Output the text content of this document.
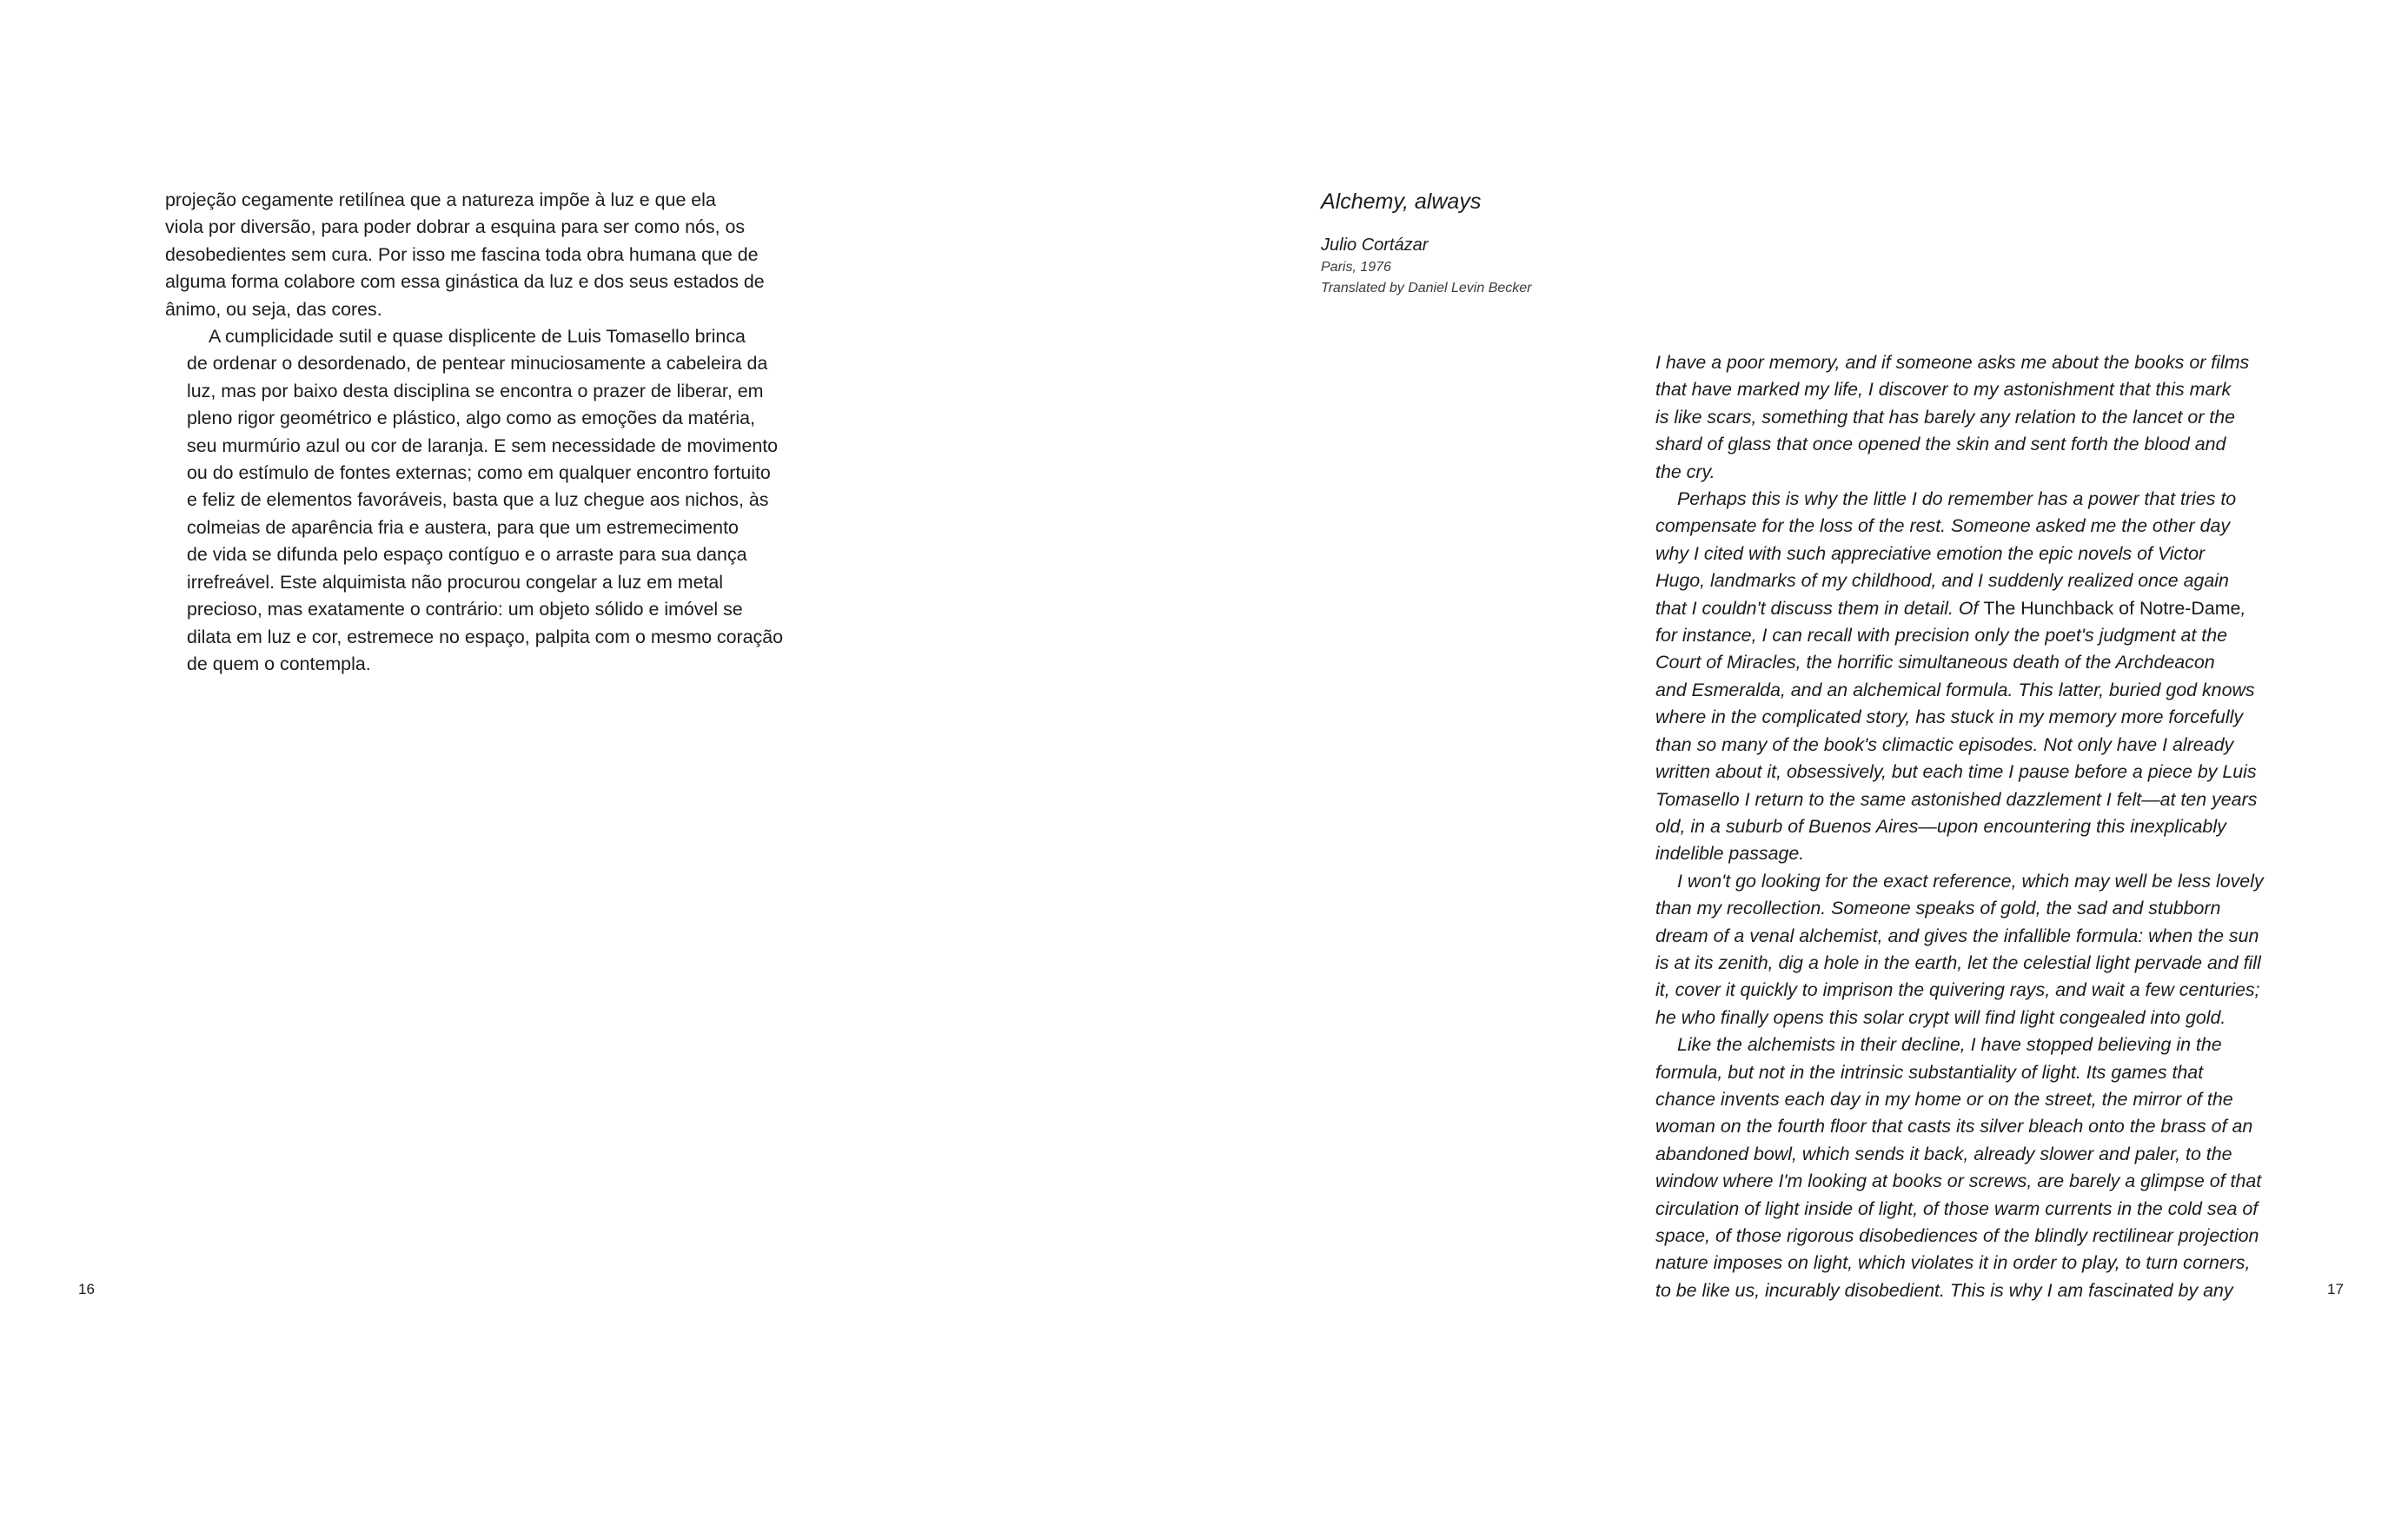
projeção cegamente retilínea que a natureza impõe à luz e que ela
viola por diversão, para poder dobrar a esquina para ser como nós, os
desobedientes sem cura. Por isso me fascina toda obra humana que de
alguma forma colabore com essa ginástica da luz e dos seus estados de
ânimo, ou seja, das cores.

A cumplicidade sutil e quase displicente de Luis Tomasello brinca
de ordenar o desordenado, de pentear minuciosamente a cabeleira da
luz, mas por baixo desta disciplina se encontra o prazer de liberar, em
pleno rigor geométrico e plástico, algo como as emoções da matéria,
seu murmúrio azul ou cor de laranja. E sem necessidade de movimento
ou do estímulo de fontes externas; como em qualquer encontro fortuito
e feliz de elementos favoráveis, basta que a luz chegue aos nichos, às
colmeias de aparência fria e austera, para que um estremecimento
de vida se difunda pelo espaço contíguo e o arraste para sua dança
irrefreável. Este alquimista não procurou congelar a luz em metal
precioso, mas exatamente o contrário: um objeto sólido e imóvel se
dilata em luz e cor, estremece no espaço, palpita com o mesmo coração
de quem o contempla.

16
Alchemy, always
Julio Cortázar
Paris, 1976
Translated by Daniel Levin Becker

I have a poor memory, and if someone asks me about the books or films
that have marked my life, I discover to my astonishment that this mark
is like scars, something that has barely any relation to the lancet or the
shard of glass that once opened the skin and sent forth the blood and
the cry.

Perhaps this is why the little I do remember has a power that tries to
compensate for the loss of the rest. Someone asked me the other day
why I cited with such appreciative emotion the epic novels of Victor
Hugo, landmarks of my childhood, and I suddenly realized once again
that I couldn't discuss them in detail. Of The Hunchback of Notre-Dame,
for instance, I can recall with precision only the poet's judgment at the
Court of Miracles, the horrific simultaneous death of the Archdeacon
and Esmeralda, and an alchemical formula. This latter, buried god knows
where in the complicated story, has stuck in my memory more forcefully
than so many of the book's climactic episodes. Not only have I already
written about it, obsessively, but each time I pause before a piece by Luis
Tomasello I return to the same astonished dazzlement I felt—at ten years
old, in a suburb of Buenos Aires—upon encountering this inexplicably
indelible passage.

I won't go looking for the exact reference, which may well be less lovely
than my recollection. Someone speaks of gold, the sad and stubborn
dream of a venal alchemist, and gives the infallible formula: when the sun
is at its zenith, dig a hole in the earth, let the celestial light pervade and fill
it, cover it quickly to imprison the quivering rays, and wait a few centuries;
he who finally opens this solar crypt will find light congealed into gold.

Like the alchemists in their decline, I have stopped believing in the
formula, but not in the intrinsic substantiality of light. Its games that
chance invents each day in my home or on the street, the mirror of the
woman on the fourth floor that casts its silver bleach onto the brass of an
abandoned bowl, which sends it back, already slower and paler, to the
window where I'm looking at books or screws, are barely a glimpse of that
circulation of light inside of light, of those warm currents in the cold sea of
space, of those rigorous disobediences of the blindly rectilinear projection
nature imposes on light, which violates it in order to play, to turn corners,
to be like us, incurably disobedient. This is why I am fascinated by any	17
